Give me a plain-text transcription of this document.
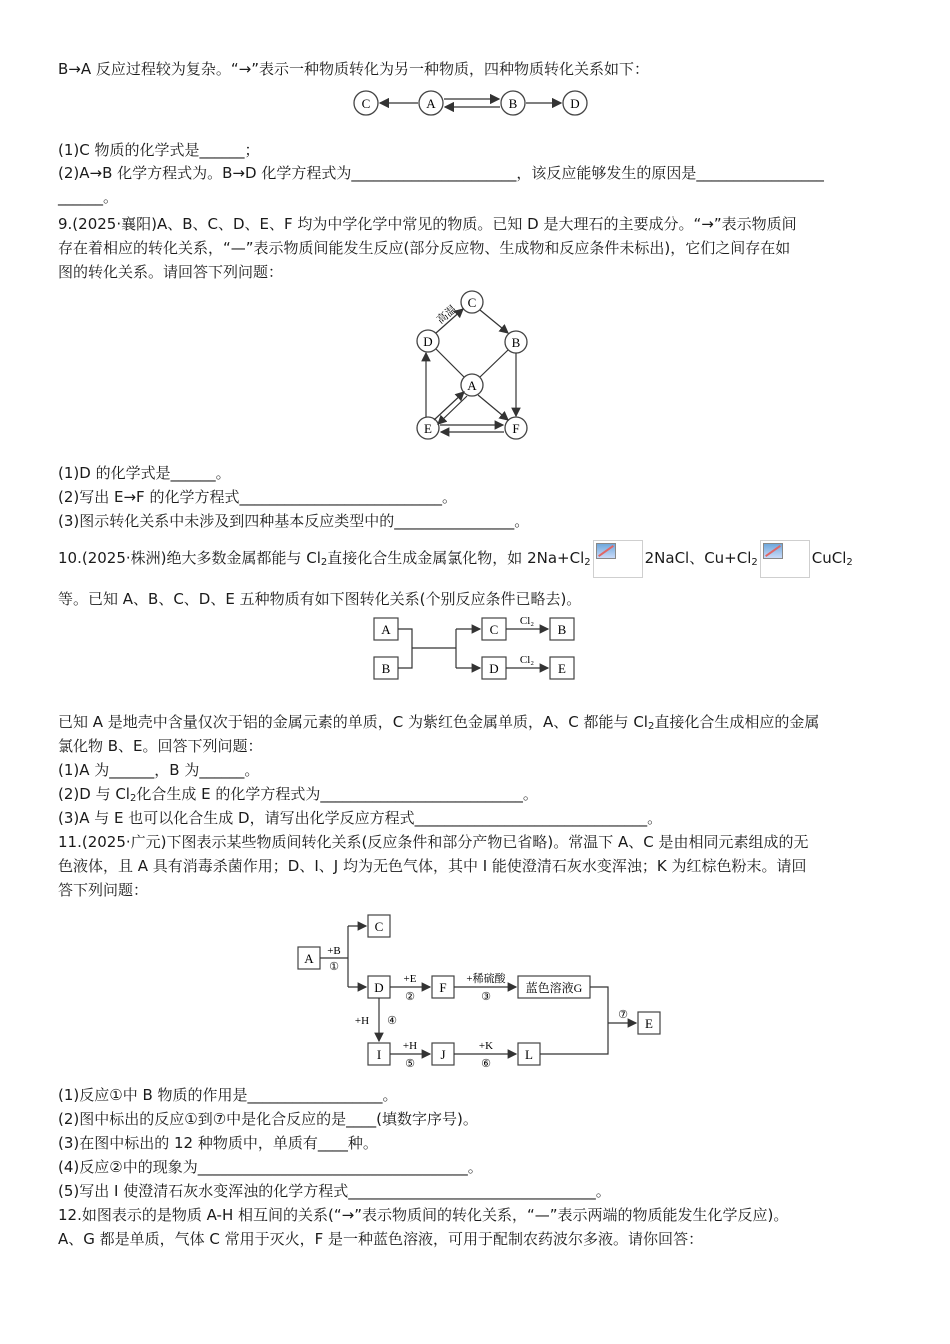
B→A 反应过程较为复杂。“→”表示一种物质转化为另一种物质，四种物质转化关系如下：

C	A	B	D

(1)C 物质的化学式是______；

(2)A→B 化学方程式为。B→D 化学方程式为______________________，该反应能够发生的原因是_________________

______。

9.(2025·襄阳)A、B、C、D、E、F 均为中学化学中常见的物质。已知 D 是大理石的主要成分。“→”表示物质间

存在着相应的转化关系，“—”表示物质间能发生反应(部分反应物、生成物和反应条件未标出)，它们之间存在如

图的转化关系。请回答下列问题：

C
D	B
A
E	F
高温

(1)D 的化学式是______。

(2)写出 E→F 的化学方程式___________________________。

(3)图示转化关系中未涉及到四种基本反应类型中的________________。

10.(2025·株洲)绝大多数金属都能与 $Cl_2$直接化合生成金属氯化物，如 $2Na+Cl_2$	2NaCl、$Cu+Cl_2$	CuCl$_2$

等。已知 A、B、C、D、E 五种物质有如下图转化关系(个别反应条件已略去)。

A
B
C	B
D	E
Cl₂
Cl₂

已知 A 是地壳中含量仅次于铝的金属元素的单质，C 为紫红色金属单质，A、C 都能与 $Cl_2$直接化合生成相应的金属

氯化物 B、E。回答下列问题：

(1)A 为______，B 为______。

(2)D 与 $Cl_2$化合生成 E 的化学方程式为___________________________。

(3)A 与 E 也可以化合生成 D，请写出化学反应方程式_______________________________。

11.(2025·广元)下图表示某些物质间转化关系(反应条件和部分产物已省略)。常温下 A、C 是由相同元素组成的无

色液体，且 A 具有消毒杀菌作用；D、I、J 均为无色气体，其中 I 能使澄清石灰水变浑浊；K 为红棕色粉末。请回

答下列问题：

A
C
D	F	蓝色溶液G
E
I	J	L
+B
①
+E
②
+稀硫酸
③
+H ④
+H
⑤
+K
⑥
⑦

(1)反应①中 B 物质的作用是__________________。

(2)图中标出的反应①到⑦中是化合反应的是____(填数字序号)。

(3)在图中标出的 12 种物质中，单质有____种。

(4)反应②中的现象为____________________________________。

(5)写出 I 使澄清石灰水变浑浊的化学方程式_________________________________。

12.如图表示的是物质 A-H 相互间的关系(“→”表示物质间的转化关系，“—”表示两端的物质能发生化学反应)。

A、G 都是单质，气体 C 常用于灭火，F 是一种蓝色溶液，可用于配制农药波尔多液。请你回答：
